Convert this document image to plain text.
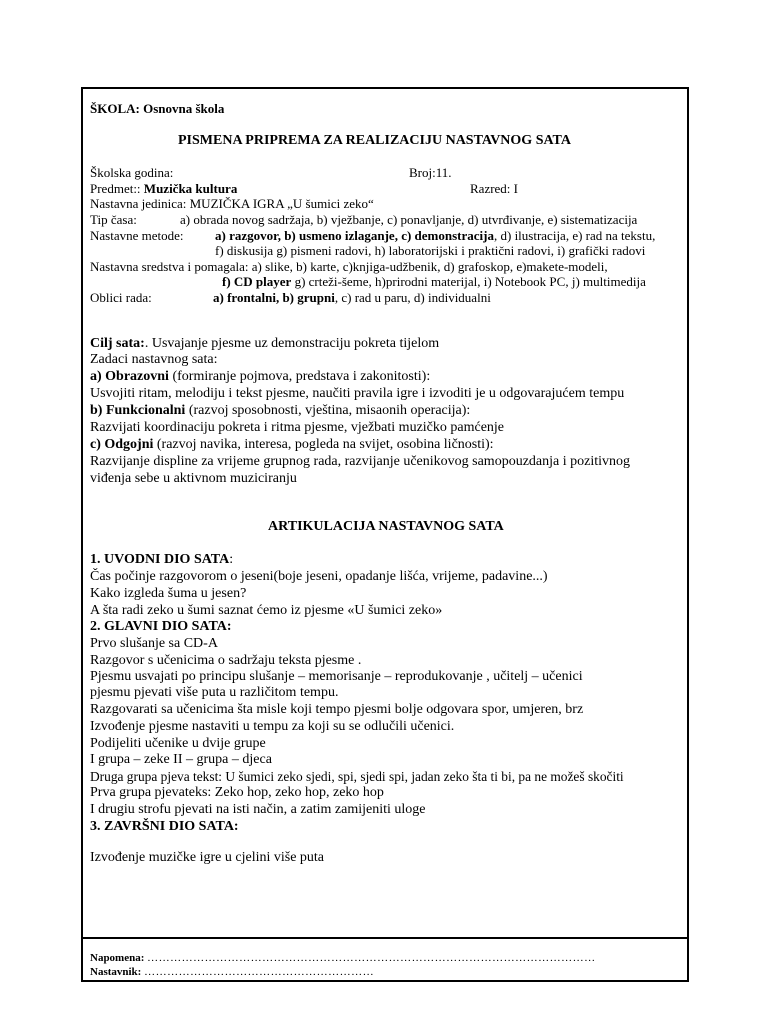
ŠKOLA: Osnovna škola
PISMENA PRIPREMA ZA REALIZACIJU NASTAVNOG SATA
Školska godina:	Broj:11.
Predmet:: Muzička kultura	Razred: I
Nastavna jedinica: MUZIČKA IGRA „U šumici zeko“
Tip časa:	a) obrada novog sadržaja, b) vježbanje, c) ponavljanje, d) utvrđivanje, e) sistematizacija
Nastavne metode: a) razgovor, b) usmeno izlaganje, c) demonstracija, d) ilustracija, e) rad na tekstu,
f) diskusija g) pismeni radovi, h) laboratorijski i praktični radovi, i) grafički radovi
Nastavna sredstva i pomagala: a) slike, b) karte, c)knjiga-udžbenik, d) grafoskop, e)makete-modeli,
f) CD player g) crteži-šeme, h)prirodni materijal, i) Notebook PC, j) multimedija
Oblici rada:	a) frontalni, b) grupni, c) rad u paru, d) individualni
Cilj sata:. Usvajanje pjesme uz demonstraciju pokreta tijelom
Zadaci nastavnog sata:
a) Obrazovni (formiranje pojmova, predstava i zakonitosti):
Usvojiti ritam, melodiju i tekst pjesme, naučiti pravila igre i izvoditi je u odgovarajućem tempu
b) Funkcionalni (razvoj sposobnosti, vještina, misaonih operacija):
Razvijati koordinaciju pokreta i ritma pjesme, vježbati muzičko pamćenje
c) Odgojni (razvoj navika, interesa, pogleda na svijet, osobina ličnosti):
Razvijanje displine za vrijeme grupnog rada, razvijanje učenikovog samopouzdanja i pozitivnog
viđenja sebe u aktivnom muziciranju
ARTIKULACIJA NASTAVNOG SATA
1. UVODNI DIO SATA:
Čas počinje razgovorom o jeseni(boje jeseni, opadanje lišća, vrijeme, padavine...)
Kako izgleda šuma u jesen?
A šta radi zeko u šumi saznat ćemo iz pjesme «U šumici zeko»
2. GLAVNI DIO SATA:
Prvo slušanje sa CD-A
Razgovor s učenicima o sadržaju teksta pjesme .
Pjesmu usvajati po principu slušanje – memorisanje – reprodukovanje , učitelj – učenici
pjesmu pjevati više puta u različitom tempu.
Razgovarati sa učenicima šta misle koji tempo pjesmi bolje odgovara spor, umjeren, brz
Izvođenje pjesme nastaviti u tempu za koji su se odlučili učenici.
Podijeliti učenike u dvije grupe
I grupa – zeke II – grupa – djeca
Druga grupa pjeva tekst: U šumici zeko sjedi, spi, sjedi spi, jadan zeko šta ti bi, pa ne možeš skočiti
Prva grupa pjevateks: Zeko hop, zeko hop, zeko hop
I drugiu strofu pjevati na isti način, a zatim zamijeniti uloge
3. ZAVRŠNI DIO SATA:
Izvođenje muzičke igre u cjelini više puta
Napomena: ………………………………………………………………………………………………………
Nastavnik: ……………………………………………………
